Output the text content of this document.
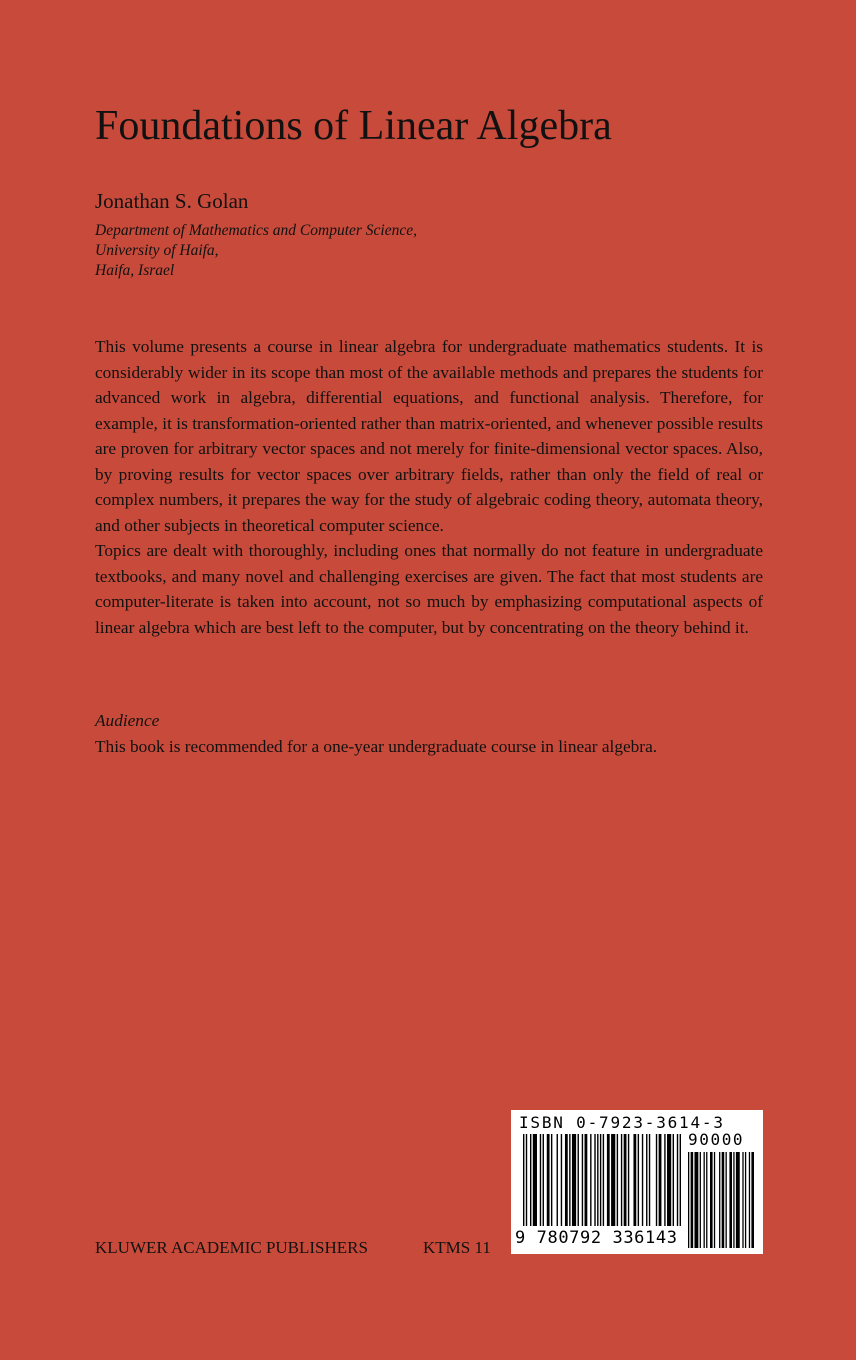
Foundations of Linear Algebra

Jonathan S. Golan

Department of Mathematics and Computer Science,
University of Haifa,
Haifa, Israel

This volume presents a course in linear algebra for undergraduate mathematics students. It is considerably wider in its scope than most of the available methods and prepares the students for advanced work in algebra, differential equations, and functional analysis. Therefore, for example, it is transformation-oriented rather than matrix-oriented, and whenever possible results are proven for arbitrary vector spaces and not merely for finite-dimensional vector spaces. Also, by proving results for vector spaces over arbitrary fields, rather than only the field of real or complex numbers, it prepares the way for the study of algebraic coding theory, automata theory, and other subjects in theoretical computer science.

Topics are dealt with thoroughly, including ones that normally do not feature in undergraduate textbooks, and many novel and challenging exercises are given. The fact that most students are computer-literate is taken into account, not so much by emphasizing computational aspects of linear algebra which are best left to the computer, but by concentrating on the theory behind it.

Audience
This book is recommended for a one-year undergraduate course in linear algebra.
KLUWER ACADEMIC PUBLISHERS	KTMS 11
ISBN 0-7923-3614-3
90000
9 780792 336143
